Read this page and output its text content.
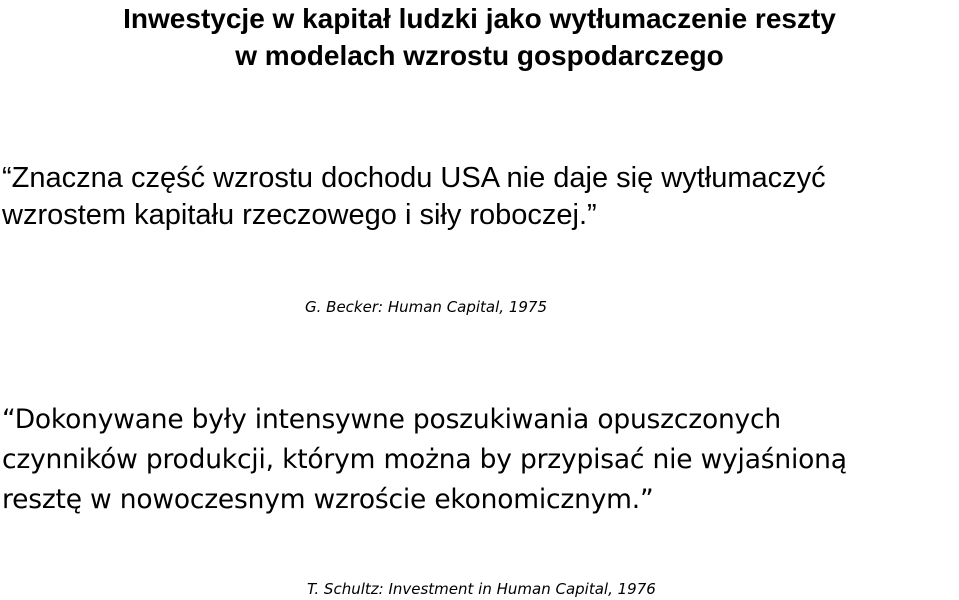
Inwestycje w kapitał ludzki jako wytłumaczenie reszty
w modelach wzrostu gospodarczego

“Znaczna część wzrostu dochodu USA nie daje się wytłumaczyć
wzrostem kapitału rzeczowego i siły roboczej.”

G. Becker: Human Capital, 1975

“Dokonywane były intensywne poszukiwania opuszczonych
czynników produkcji, którym można by przypisać nie wyjaśnioną
resztę w nowoczesnym wzroście ekonomicznym.”

T. Schultz: Investment in Human Capital, 1976
